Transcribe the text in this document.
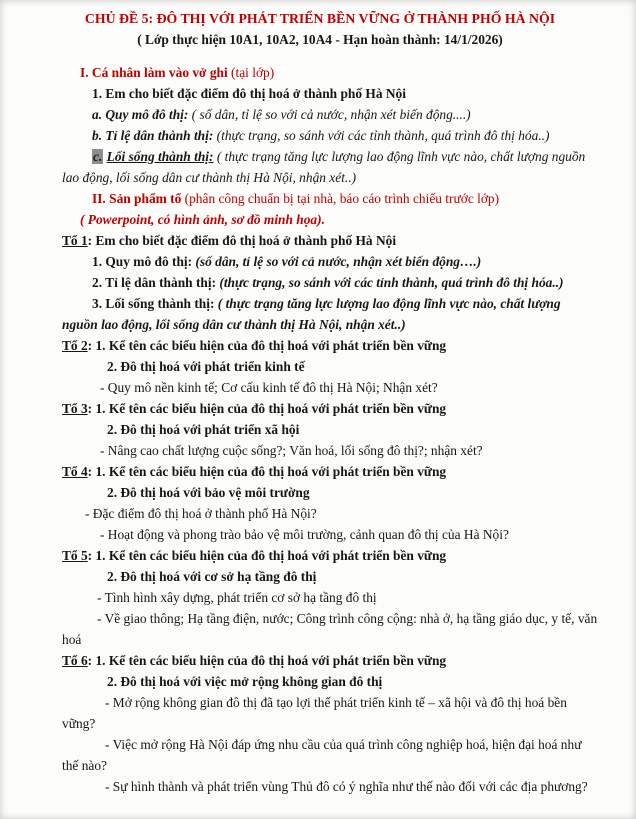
CHỦ ĐỀ 5: ĐÔ THỊ VỚI PHÁT TRIỂN BỀN VỮNG Ở THÀNH PHỐ HÀ NỘI

( Lớp thực hiện 10A1, 10A2, 10A4 - Hạn hoàn thành: 14/1/2026)

I. Cá nhân làm vào vở ghi (tại lớp)

1. Em cho biết đặc điểm đô thị hoá ở thành phố Hà Nội

a. Quy mô đô thị: ( số dân, tỉ lệ so với cả nước, nhận xét biến động....)

b. Tỉ lệ dân thành thị: (thực trạng, so sánh với các tỉnh thành, quá trình đô thị hóa..)

c. Lối sống thành thị: ( thực trạng tăng lực lượng lao động lĩnh vực nào, chất lượng nguồn lao động, lối sống dân cư thành thị Hà Nội, nhận xét..)

II. Sản phẩm tổ (phân công chuẩn bị tại nhà, báo cáo trình chiếu trước lớp)

( Powerpoint, có hình ảnh, sơ đồ minh họa).

Tổ 1: Em cho biết đặc điểm đô thị hoá ở thành phố Hà Nội

1. Quy mô đô thị: (số dân, tỉ lệ so với cả nước, nhận xét biến động….)

2. Tỉ lệ dân thành thị: (thực trạng, so sánh với các tỉnh thành, quá trình đô thị hóa..)

3. Lối sống thành thị: ( thực trạng tăng lực lượng lao động lĩnh vực nào, chất lượng nguồn lao động, lối sống dân cư thành thị Hà Nội, nhận xét..)

Tổ 2: 1. Kể tên các biểu hiện của đô thị hoá với phát triển bền vững

2. Đô thị hoá với phát triển kinh tế

- Quy mô nền kinh tế; Cơ cấu kinh tế đô thị Hà Nội; Nhận xét?

Tổ 3: 1. Kể tên các biểu hiện của đô thị hoá với phát triển bền vững

2. Đô thị hoá với phát triển xã hội

- Nâng cao chất lượng cuộc sống?; Văn hoá, lối sống đô thị?; nhận xét?

Tổ 4: 1. Kể tên các biểu hiện của đô thị hoá với phát triển bền vững

2. Đô thị hoá với bảo vệ môi trường

- Đặc điểm đô thị hoá ở thành phố Hà Nội?

- Hoạt động và phong trào bảo vệ môi trường, cảnh quan đô thị của Hà Nội?

Tổ 5: 1. Kể tên các biểu hiện của đô thị hoá với phát triển bền vững

2. Đô thị hoá với cơ sở hạ tầng đô thị

- Tình hình xây dựng, phát triển cơ sở hạ tầng đô thị

- Về giao thông; Hạ tầng điện, nước; Công trình công cộng: nhà ở, hạ tầng giáo dục, y tế, văn hoá

Tổ 6: 1. Kể tên các biểu hiện của đô thị hoá với phát triển bền vững

2. Đô thị hoá với việc mở rộng không gian đô thị

- Mở rộng không gian đô thị đã tạo lợi thế phát triển kinh tế – xã hội và đô thị hoá bền vững?

- Việc mở rộng Hà Nội đáp ứng nhu cầu của quá trình công nghiệp hoá, hiện đại hoá như thế nào?

- Sự hình thành và phát triển vùng Thủ đô có ý nghĩa như thế nào đối với các địa phương?
